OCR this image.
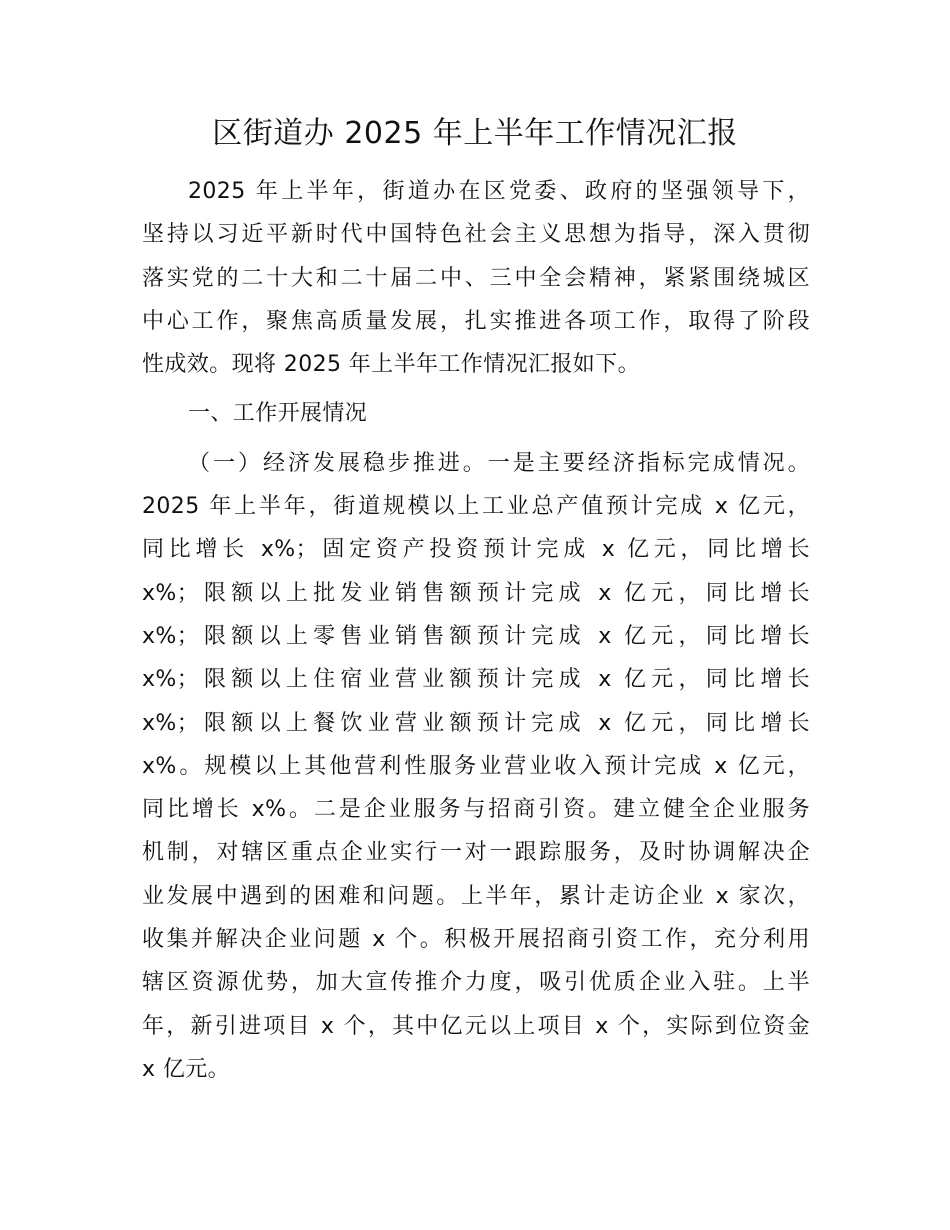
区街道办 2025 年上半年工作情况汇报
2025 年上半年，街道办在区党委、政府的坚强领导下，
坚持以习近平新时代中国特色社会主义思想为指导，深入贯彻
落实党的二十大和二十届二中、三中全会精神，紧紧围绕城区
中心工作，聚焦高质量发展，扎实推进各项工作，取得了阶段
性成效。现将 2025 年上半年工作情况汇报如下。
一、工作开展情况
（一）经济发展稳步推进。一是主要经济指标完成情况。
2025 年上半年，街道规模以上工业总产值预计完成 x 亿元，
同比增长 x%；固定资产投资预计完成 x 亿元，同比增长
x%；限额以上批发业销售额预计完成 x 亿元，同比增长
x%；限额以上零售业销售额预计完成 x 亿元，同比增长
x%；限额以上住宿业营业额预计完成 x 亿元，同比增长
x%；限额以上餐饮业营业额预计完成 x 亿元，同比增长
x%。规模以上其他营利性服务业营业收入预计完成 x 亿元，
同比增长 x%。二是企业服务与招商引资。建立健全企业服务
机制，对辖区重点企业实行一对一跟踪服务，及时协调解决企
业发展中遇到的困难和问题。上半年，累计走访企业 x 家次，
收集并解决企业问题 x 个。积极开展招商引资工作，充分利用
辖区资源优势，加大宣传推介力度，吸引优质企业入驻。上半
年，新引进项目 x 个，其中亿元以上项目 x 个，实际到位资金
x 亿元。
